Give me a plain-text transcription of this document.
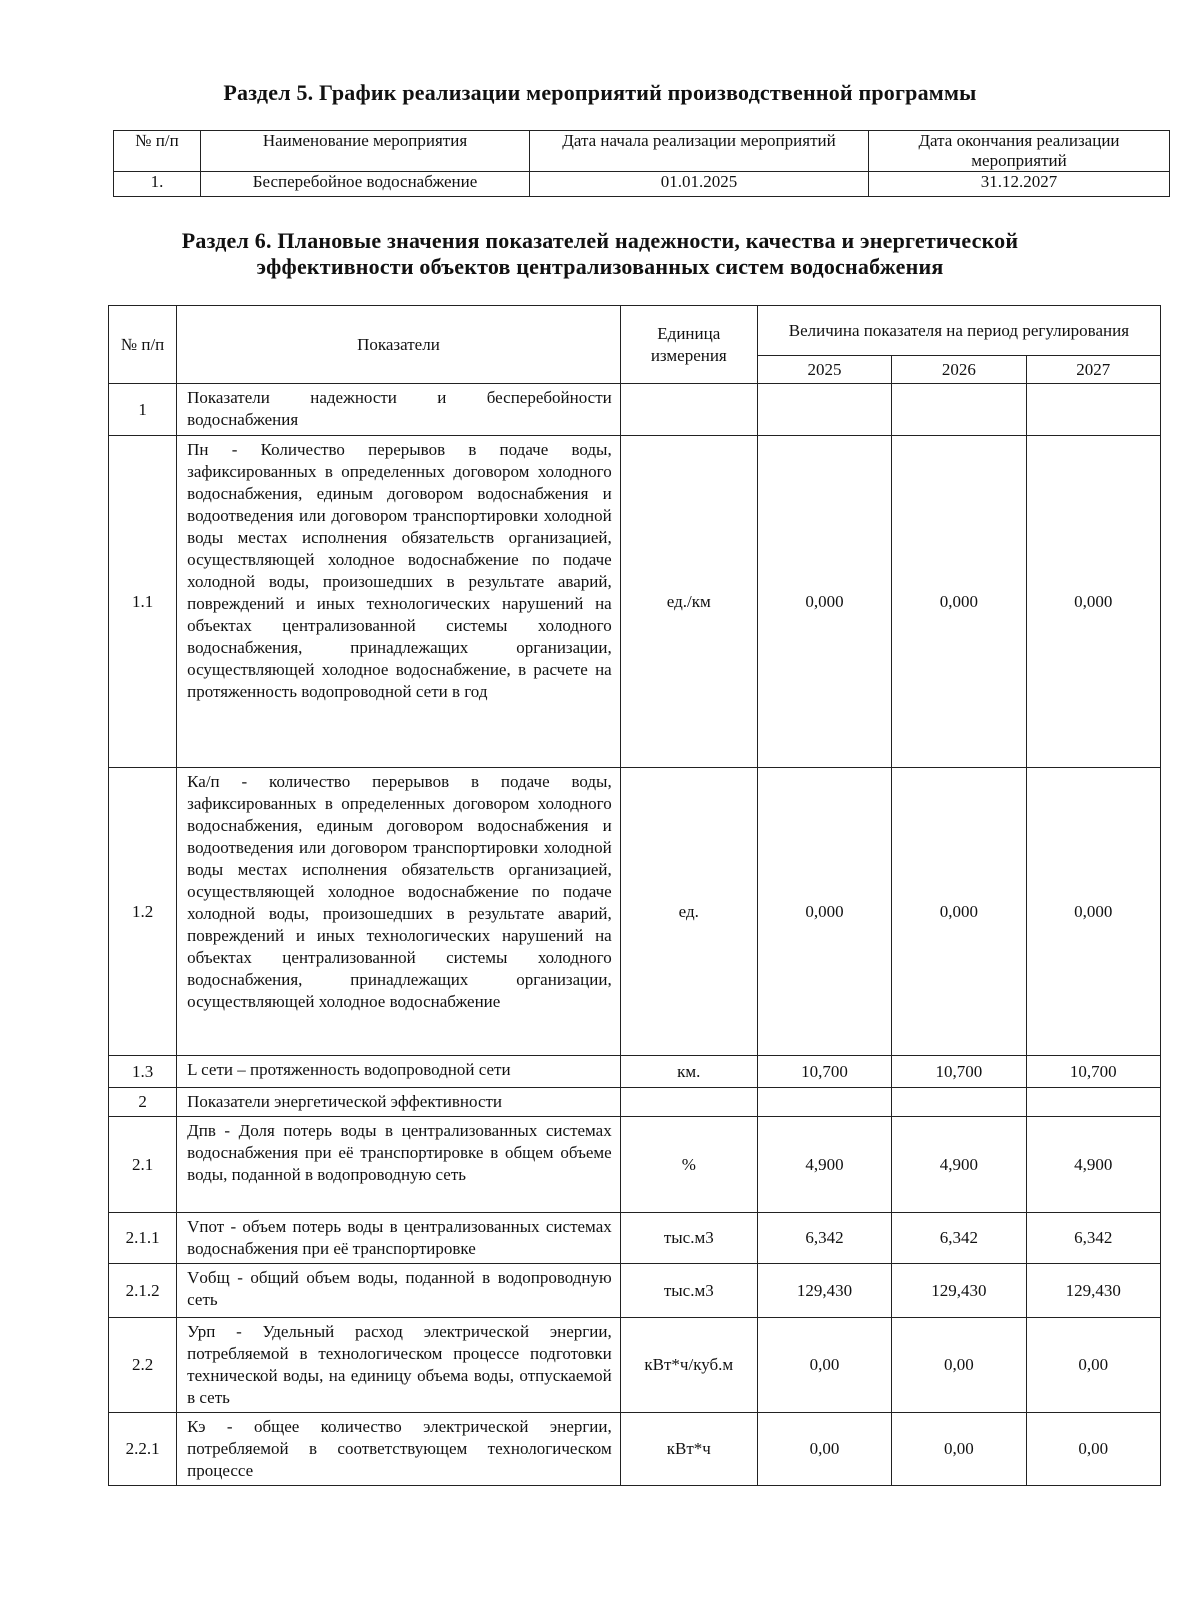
Раздел 5. График реализации мероприятий производственной программы
№ п/п	Наименование мероприятия	Дата начала реализации мероприятий	Дата окончания реализации мероприятий
1.	Бесперебойное водоснабжение	01.01.2025	31.12.2027
Раздел 6. Плановые значения показателей надежности, качества и энергетической
эффективности объектов централизованных систем водоснабжения
№ п/п	Показатели	Единица измерения	Величина показателя на период регулирования		
			2025	2026	2027
1	Показатели надежности и бесперебойности водоснабжения				
1.1	Пн - Количество перерывов в подаче воды, зафиксированных в определенных договором холодного водоснабжения, единым договором водоснабжения и водоотведения или договором транспортировки холодной воды местах исполнения обязательств организацией, осуществляющей холодное водоснабжение по подаче холодной воды, произошедших в результате аварий, повреждений и иных технологических нарушений на объектах централизованной системы холодного водоснабжения, принадлежащих организации, осуществляющей холодное водоснабжение, в расчете на протяженность водопроводной сети в год	ед./км	0,000	0,000	0,000
1.2	Ка/п - количество перерывов в подаче воды, зафиксированных в определенных договором холодного водоснабжения, единым договором водоснабжения и водоотведения или договором транспортировки холодной воды местах исполнения обязательств организацией, осуществляющей холодное водоснабжение по подаче холодной воды, произошедших в результате аварий, повреждений и иных технологических нарушений на объектах централизованной системы холодного водоснабжения, принадлежащих организации, осуществляющей холодное водоснабжение	ед.	0,000	0,000	0,000
1.3	L сети – протяженность водопроводной сети	км.	10,700	10,700	10,700
2	Показатели энергетической эффективности				
2.1	Дпв - Доля потерь воды в централизованных системах водоснабжения при её транспортировке в общем объеме воды, поданной в водопроводную сеть	%	4,900	4,900	4,900
2.1.1	Vпот - объем потерь воды в централизованных системах водоснабжения при её транспортировке	тыс.м3	6,342	6,342	6,342
2.1.2	Vобщ - общий объем воды, поданной в водопроводную сеть	тыс.м3	129,430	129,430	129,430
2.2	Урп - Удельный расход электрической энергии, потребляемой в технологическом процессе подготовки технической воды, на единицу объема воды, отпускаемой в сеть	кВт*ч/куб.м	0,00	0,00	0,00
2.2.1	Кэ - общее количество электрической энергии, потребляемой в соответствующем технологическом процессе	кВт*ч	0,00	0,00	0,00
